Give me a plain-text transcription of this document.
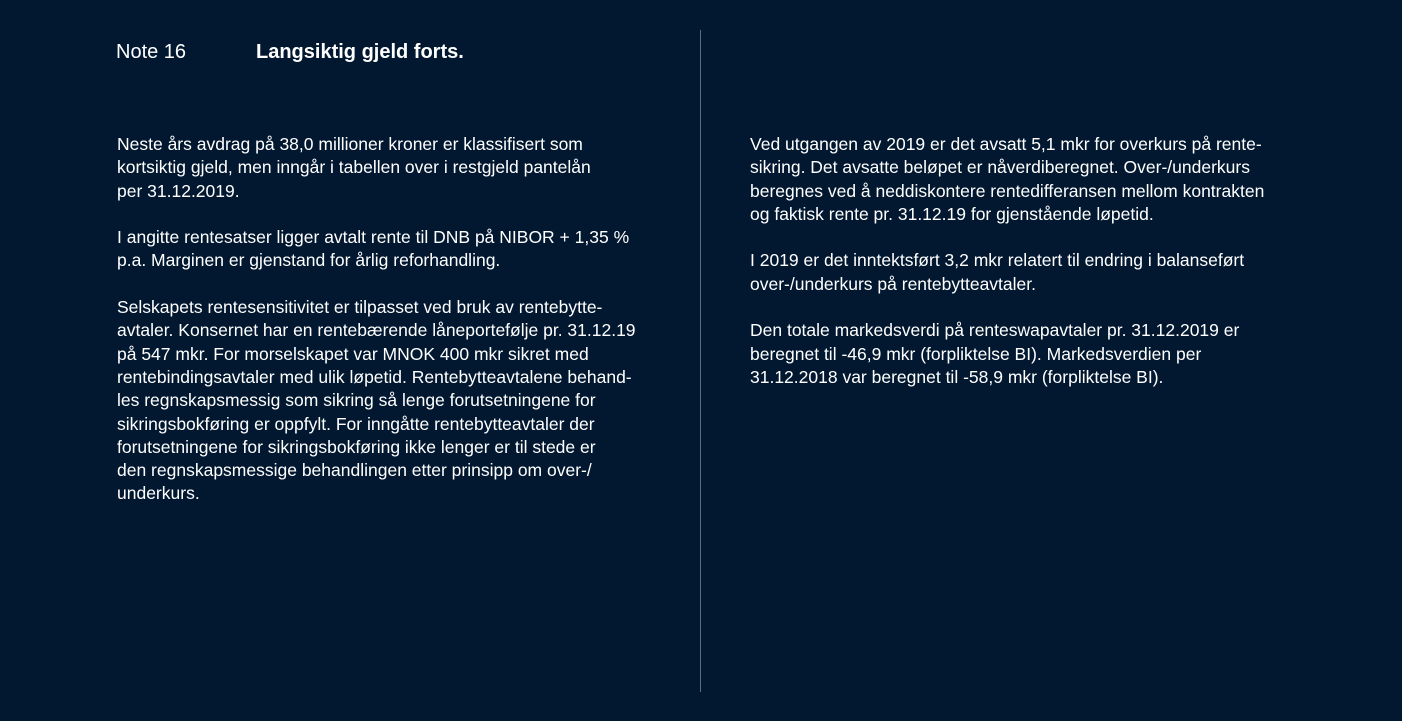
Note 16	Langsiktig gjeld forts.

Neste års avdrag på 38,0 millioner kroner er klassifisert som
kortsiktig gjeld, men inngår i tabellen over i restgjeld pantelån
per 31.12.2019.

I angitte rentesatser ligger avtalt rente til DNB på NIBOR + 1,35 %
p.a. Marginen er gjenstand for årlig reforhandling.

Selskapets rentesensitivitet er tilpasset ved bruk av rentebytte-
avtaler. Konsernet har en rentebærende låneportefølje pr. 31.12.19
på 547 mkr. For morselskapet var MNOK 400 mkr sikret med
rentebindingsavtaler med ulik løpetid. Rentebytteavtalene behand-
les regnskapsmessig som sikring så lenge forutsetningene for
sikringsbokføring er oppfylt. For inngåtte rentebytteavtaler der
forutsetningene for sikringsbokføring ikke lenger er til stede er
den regnskapsmessige behandlingen etter prinsipp om over-/
underkurs.

Ved utgangen av 2019 er det avsatt 5,1 mkr for overkurs på rente-
sikring. Det avsatte beløpet er nåverdiberegnet. Over-/underkurs
beregnes ved å neddiskontere rentedifferansen mellom kontrakten
og faktisk rente pr. 31.12.19 for gjenstående løpetid.

I 2019 er det inntektsført 3,2 mkr relatert til endring i balanseført
over-/underkurs på rentebytteavtaler.

Den totale markedsverdi på renteswapavtaler pr. 31.12.2019 er
beregnet til -46,9 mkr (forpliktelse BI). Markedsverdien per
31.12.2018 var beregnet til -58,9 mkr (forpliktelse BI).
